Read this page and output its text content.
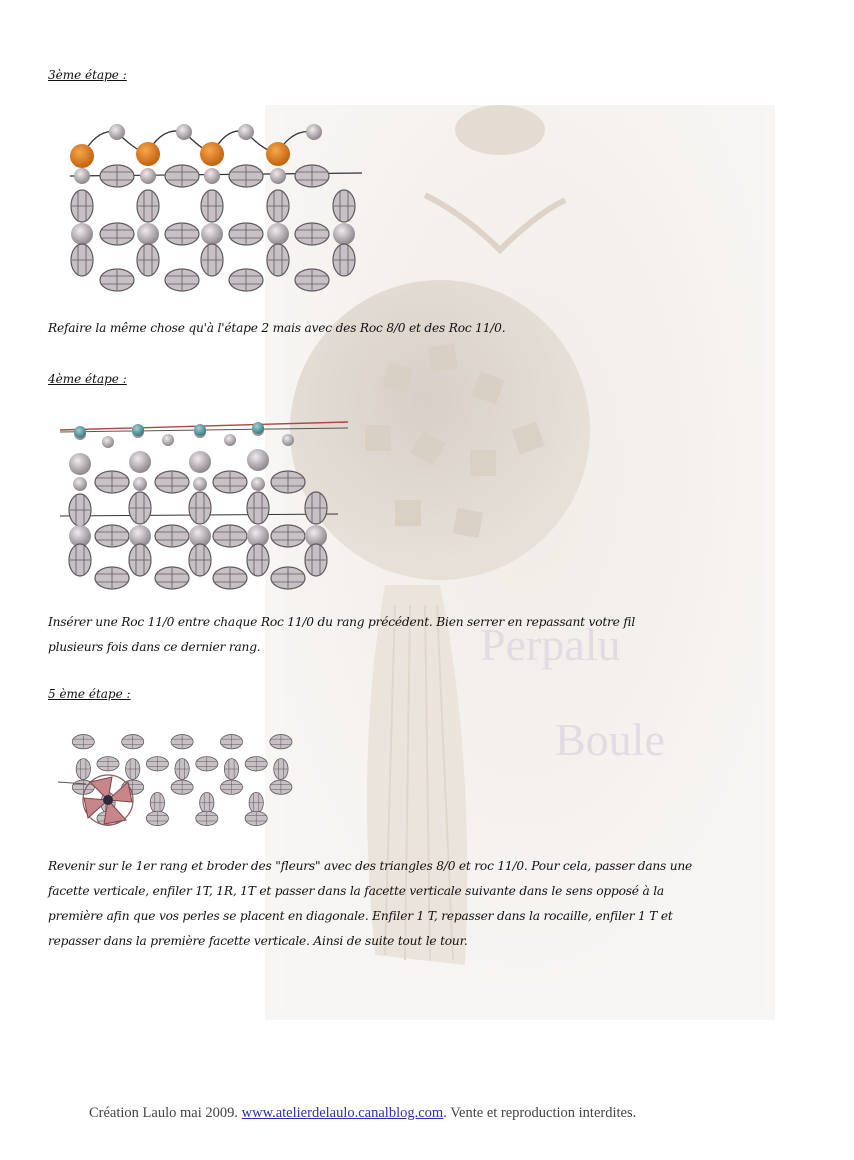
Perpalu
Boule
3ème étape :
Refaire la même chose qu'à l'étape 2 mais avec des Roc 8/0 et des Roc 11/0.
4ème étape :
Insérer une Roc 11/0 entre chaque Roc 11/0 du rang précédent. Bien serrer en repassant votre fil
plusieurs fois dans ce dernier rang.
5 ème étape :
Revenir sur le 1er rang et broder des "fleurs" avec des triangles 8/0 et roc 11/0. Pour cela, passer dans une
facette verticale, enfiler 1T, 1R, 1T et passer dans la facette verticale suivante dans le sens opposé à la
première afin que vos perles se placent en diagonale. Enfiler 1 T, repasser dans la rocaille, enfiler 1 T et
repasser dans la première facette verticale. Ainsi de suite tout le tour.
Création Laulo mai 2009. www.atelierdelaulo.canalblog.com. Vente et reproduction interdites.
